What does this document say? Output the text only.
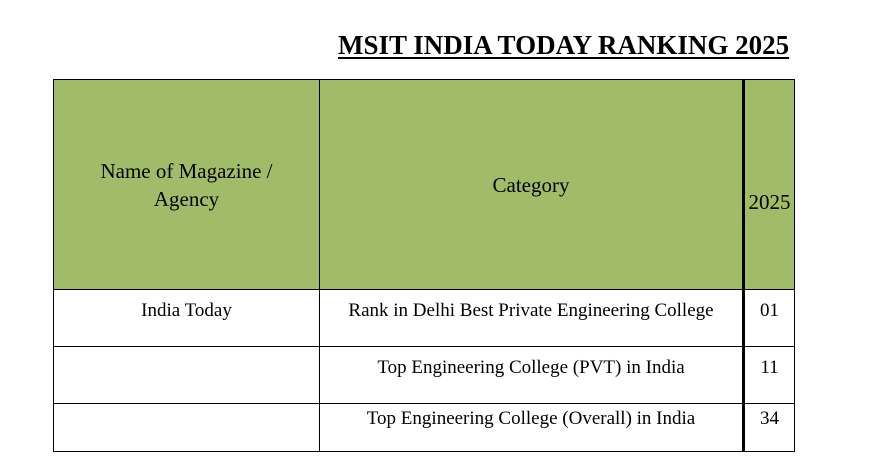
MSIT INDIA TODAY RANKING 2025
Name of Magazine / Agency	Category	2025
India Today	Rank in Delhi Best Private Engineering College	01
	Top Engineering College (PVT) in India	11
	Top Engineering College (Overall) in India	34
